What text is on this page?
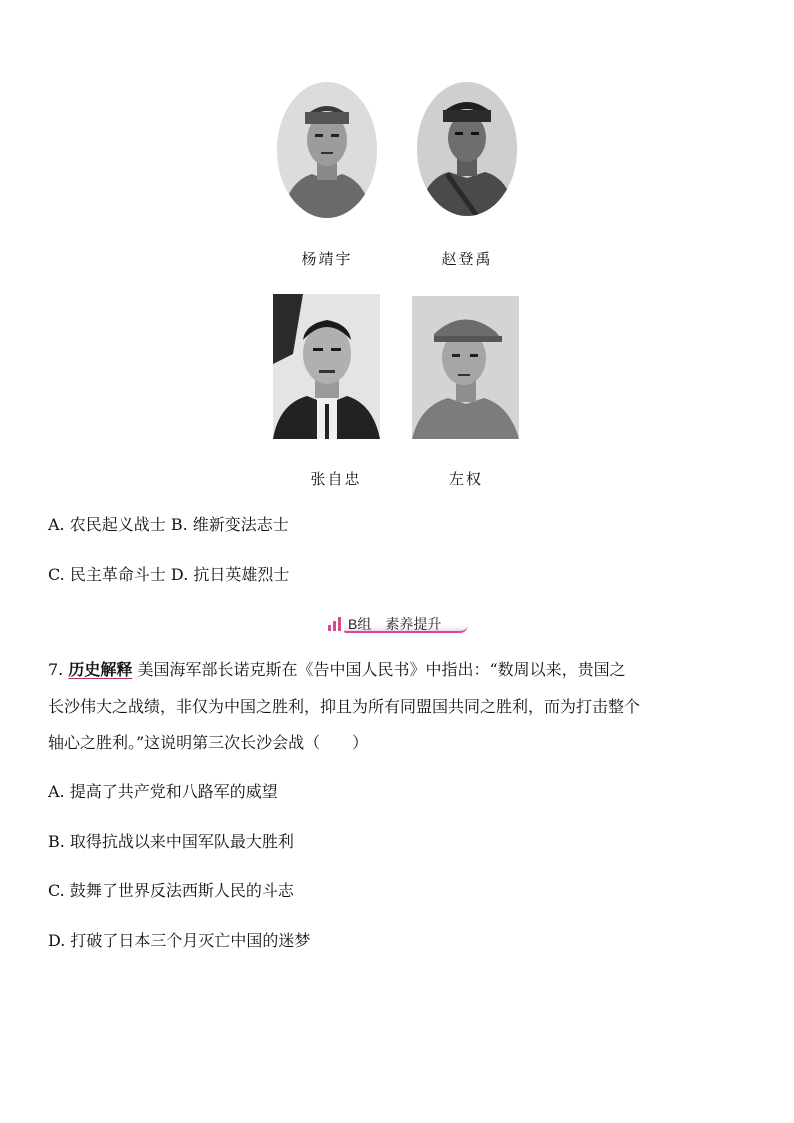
杨靖宇	赵登禹
张自忠	左权
A. 农民起义战士 B. 维新变法志士
C. 民主革命斗士 D. 抗日英雄烈士
B组　素养提升
7. 历史解释 美国海军部长诺克斯在《告中国人民书》中指出：“数周以来，贵国之
长沙伟大之战绩，非仅为中国之胜利，抑且为所有同盟国共同之胜利，而为打击整个
轴心之胜利。”这说明第三次长沙会战（　　）
A. 提高了共产党和八路军的威望
B. 取得抗战以来中国军队最大胜利
C. 鼓舞了世界反法西斯人民的斗志
D. 打破了日本三个月灭亡中国的迷梦
